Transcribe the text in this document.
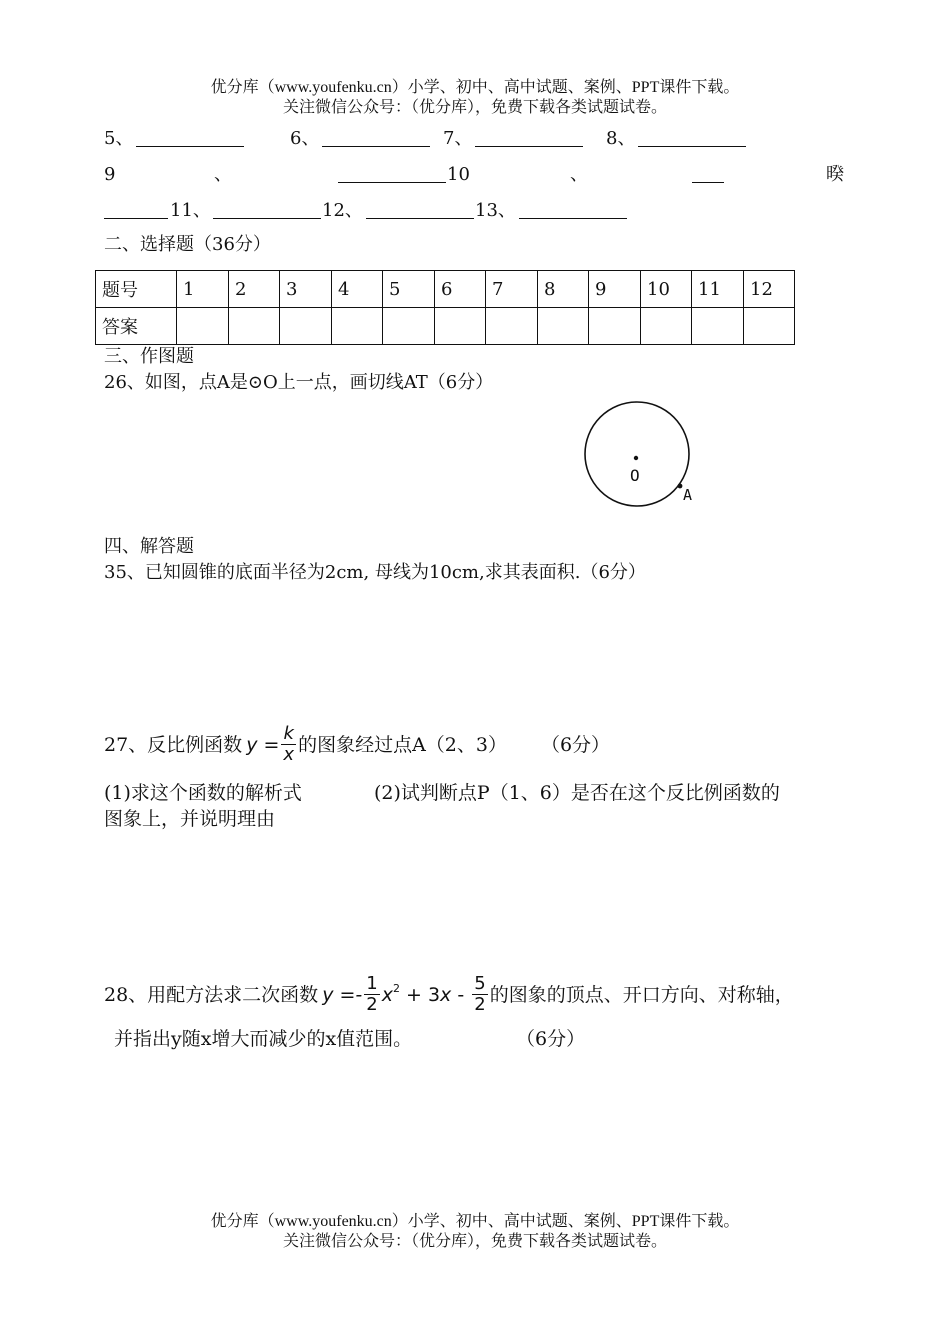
优分库（www.youfenku.cn）小学、初中、高中试题、案例、PPT课件下载。
关注微信公众号：（优分库），免费下载各类试题试卷。
5、	6、	7、	8、
9	、	10	、	暌
11、	12、	13、
二、选择题（36分）
题号	1	2	3	4	5	6	7	8	9	10	11	12
答案												
三、作图题
26、如图，点A是⊙O上一点，画切线AT（6分）
O
A
四、解答题
35、已知圆锥的底面半径为2cm, 母线为10cm,求其表面积.（6分）
27、反比例函数 $y = \frac{k}{x}$ 的图象经过点A（2、3） （6分）
(1)求这个函数的解析式	(2)试判断点P（1、6）是否在这个反比例函数的
图象上，并说明理由
28、用配方法求二次函数 $y =- \frac{1}{2} x^2 + 3$ x - $\frac{5}{2}$ 的图象的顶点、开口方向、对称轴，
并指出y随x增大而减少的x值范围。	（6分）
优分库（www.youfenku.cn）小学、初中、高中试题、案例、PPT课件下载。
关注微信公众号：（优分库），免费下载各类试题试卷。
